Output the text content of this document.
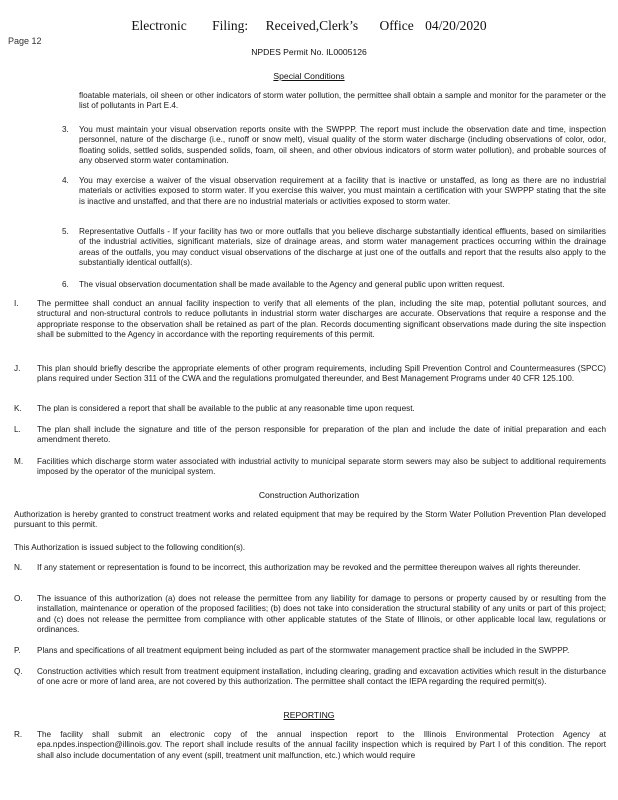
Electronic Filing: Received,Clerk’s Office 04/20/2020
Page 12
NPDES Permit No. IL0005126
Special Conditions
floatable materials, oil sheen or other indicators of storm water pollution, the permittee shall obtain a sample and monitor for the parameter or the list of pollutants in Part E.4.
3. You must maintain your visual observation reports onsite with the SWPPP. The report must include the observation date and time, inspection personnel, nature of the discharge (i.e., runoff or snow melt), visual quality of the storm water discharge (including observations of color, odor, floating solids, settled solids, suspended solids, foam, oil sheen, and other obvious indicators of storm water pollution), and probable sources of any observed storm water contamination.
4. You may exercise a waiver of the visual observation requirement at a facility that is inactive or unstaffed, as long as there are no industrial materials or activities exposed to storm water. If you exercise this waiver, you must maintain a certification with your SWPPP stating that the site is inactive and unstaffed, and that there are no industrial materials or activities exposed to storm water.
5. Representative Outfalls - If your facility has two or more outfalls that you believe discharge substantially identical effluents, based on similarities of the industrial activities, significant materials, size of drainage areas, and storm water management practices occurring within the drainage areas of the outfalls, you may conduct visual observations of the discharge at just one of the outfalls and report that the results also apply to the substantially identical outfall(s).
6. The visual observation documentation shall be made available to the Agency and general public upon written request.
I. The permittee shall conduct an annual facility inspection to verify that all elements of the plan, including the site map, potential pollutant sources, and structural and non-structural controls to reduce pollutants in industrial storm water discharges are accurate. Observations that require a response and the appropriate response to the observation shall be retained as part of the plan. Records documenting significant observations made during the site inspection shall be submitted to the Agency in accordance with the reporting requirements of this permit.
J. This plan should briefly describe the appropriate elements of other program requirements, including Spill Prevention Control and Countermeasures (SPCC) plans required under Section 311 of the CWA and the regulations promulgated thereunder, and Best Management Programs under 40 CFR 125.100.
K. The plan is considered a report that shall be available to the public at any reasonable time upon request.
L. The plan shall include the signature and title of the person responsible for preparation of the plan and include the date of initial preparation and each amendment thereto.
M. Facilities which discharge storm water associated with industrial activity to municipal separate storm sewers may also be subject to additional requirements imposed by the operator of the municipal system.
Construction Authorization
Authorization is hereby granted to construct treatment works and related equipment that may be required by the Storm Water Pollution Prevention Plan developed pursuant to this permit.
This Authorization is issued subject to the following condition(s).
N. If any statement or representation is found to be incorrect, this authorization may be revoked and the permittee thereupon waives all rights thereunder.
O. The issuance of this authorization (a) does not release the permittee from any liability for damage to persons or property caused by or resulting from the installation, maintenance or operation of the proposed facilities; (b) does not take into consideration the structural stability of any units or part of this project; and (c) does not release the permittee from compliance with other applicable statutes of the State of Illinois, or other applicable local law, regulations or ordinances.
P. Plans and specifications of all treatment equipment being included as part of the stormwater management practice shall be included in the SWPPP.
Q. Construction activities which result from treatment equipment installation, including clearing, grading and excavation activities which result in the disturbance of one acre or more of land area, are not covered by this authorization. The permittee shall contact the IEPA regarding the required permit(s).
REPORTING
R. The facility shall submit an electronic copy of the annual inspection report to the Illinois Environmental Protection Agency at epa.npdes.inspection@illinois.gov. The report shall include results of the annual facility inspection which is required by Part I of this condition. The report shall also include documentation of any event (spill, treatment unit malfunction, etc.) which would require
